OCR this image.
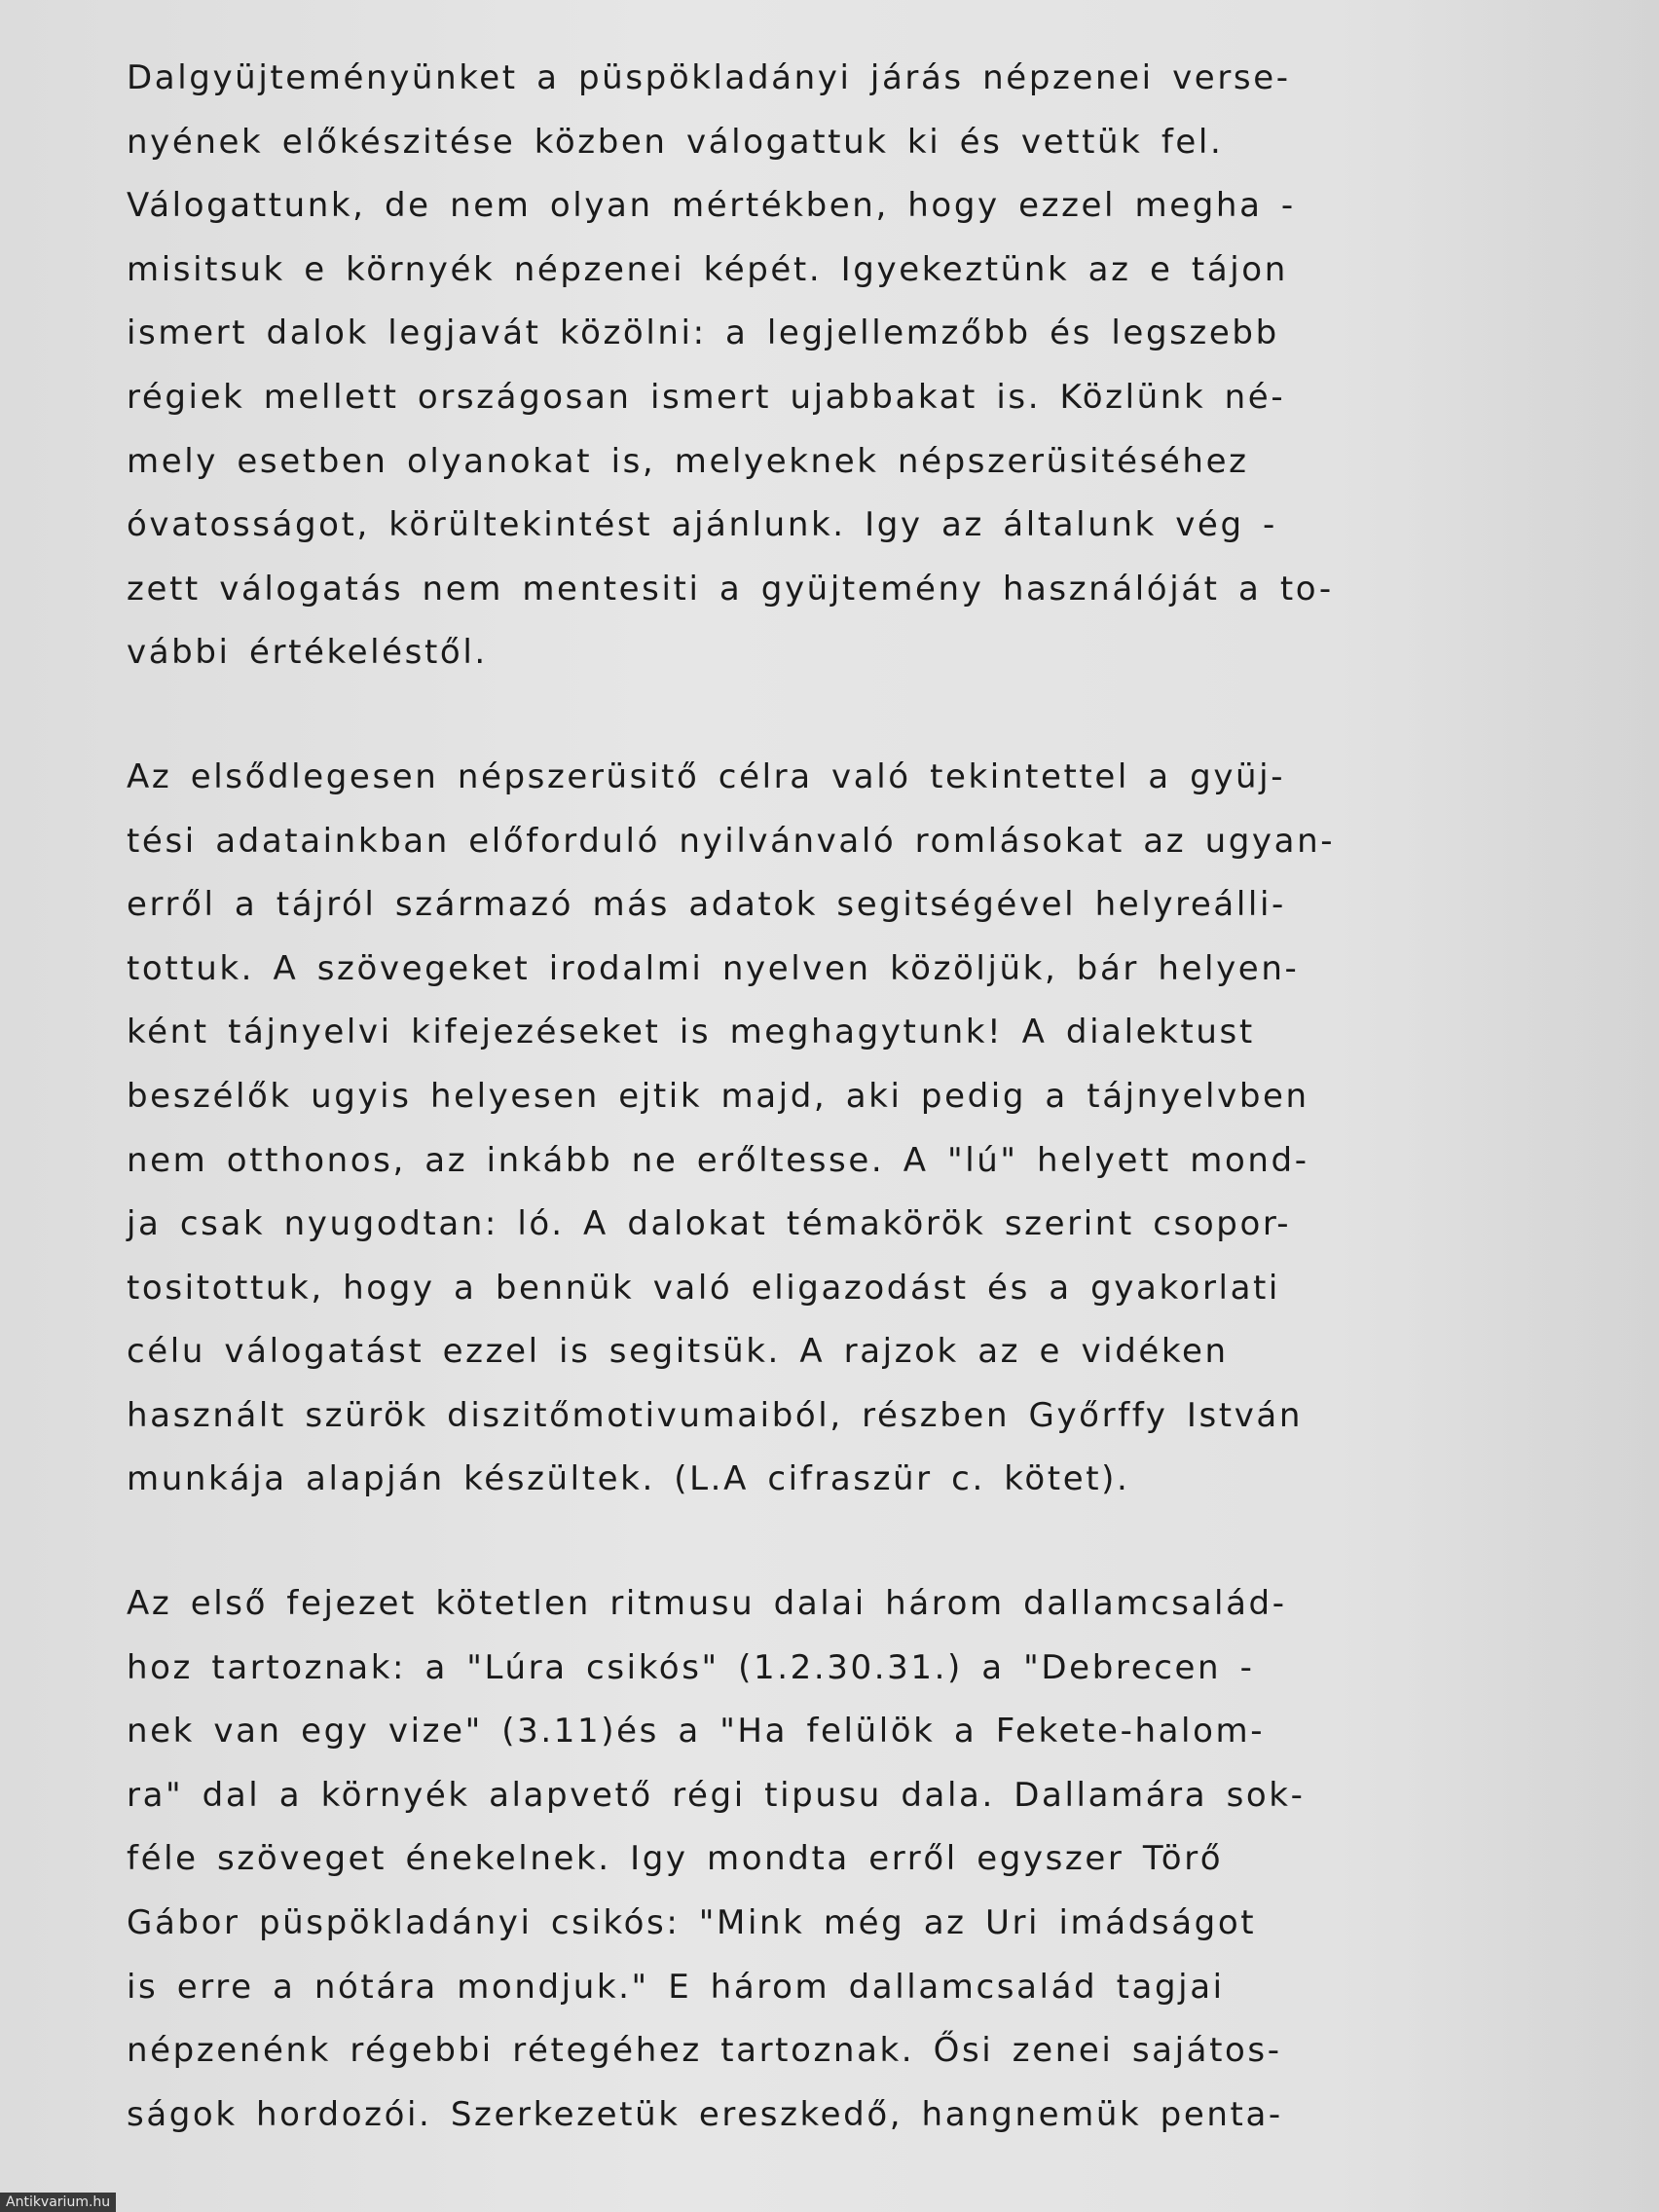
Dalgyüjteményünket a püspökladányi járás népzenei verse-
nyének előkészitése közben válogattuk ki és vettük fel.
Válogattunk, de nem olyan mértékben, hogy ezzel megha -
misitsuk e környék népzenei képét. Igyekeztünk az e tájon
ismert dalok legjavát közölni: a legjellemzőbb és legszebb
régiek mellett országosan ismert ujabbakat is. Közlünk né-
mely esetben olyanokat is, melyeknek népszerüsitéséhez
óvatosságot, körültekintést ajánlunk. Igy az általunk vég -
zett válogatás nem mentesiti a gyüjtemény használóját a to-
vábbi értékeléstől.
Az elsődlegesen népszerüsitő célra való tekintettel a gyüj-
tési adatainkban előforduló nyilvánvaló romlásokat az ugyan-
erről a tájról származó más adatok segitségével helyreálli-
tottuk. A szövegeket irodalmi nyelven közöljük, bár helyen-
ként tájnyelvi kifejezéseket is meghagytunk! A dialektust
beszélők ugyis helyesen ejtik majd, aki pedig a tájnyelvben
nem otthonos, az inkább ne erőltesse. A "lú" helyett mond-
ja csak nyugodtan: ló. A dalokat témakörök szerint csopor-
tositottuk, hogy a bennük való eligazodást és a gyakorlati
célu válogatást ezzel is segitsük. A rajzok az e vidéken
használt szürök diszitőmotivumaiból, részben Győrffy István
munkája alapján készültek. (L.A cifraszür c. kötet).
Az első fejezet kötetlen ritmusu dalai három dallamcsalád-
hoz tartoznak: a "Lúra csikós" (1.2.30.31.) a "Debrecen -
nek van egy vize" (3.11)és a "Ha felülök a Fekete-halom-
ra" dal a környék alapvető régi tipusu dala. Dallamára sok-
féle szöveget énekelnek. Igy mondta erről egyszer Törő
Gábor püspökladányi csikós: "Mink még az Uri imádságot
is erre a nótára mondjuk." E három dallamcsalád tagjai
népzenénk régebbi rétegéhez tartoznak. Ősi zenei sajátos-
ságok hordozói. Szerkezetük ereszkedő, hangnemük penta-
Antikvarium.hu
